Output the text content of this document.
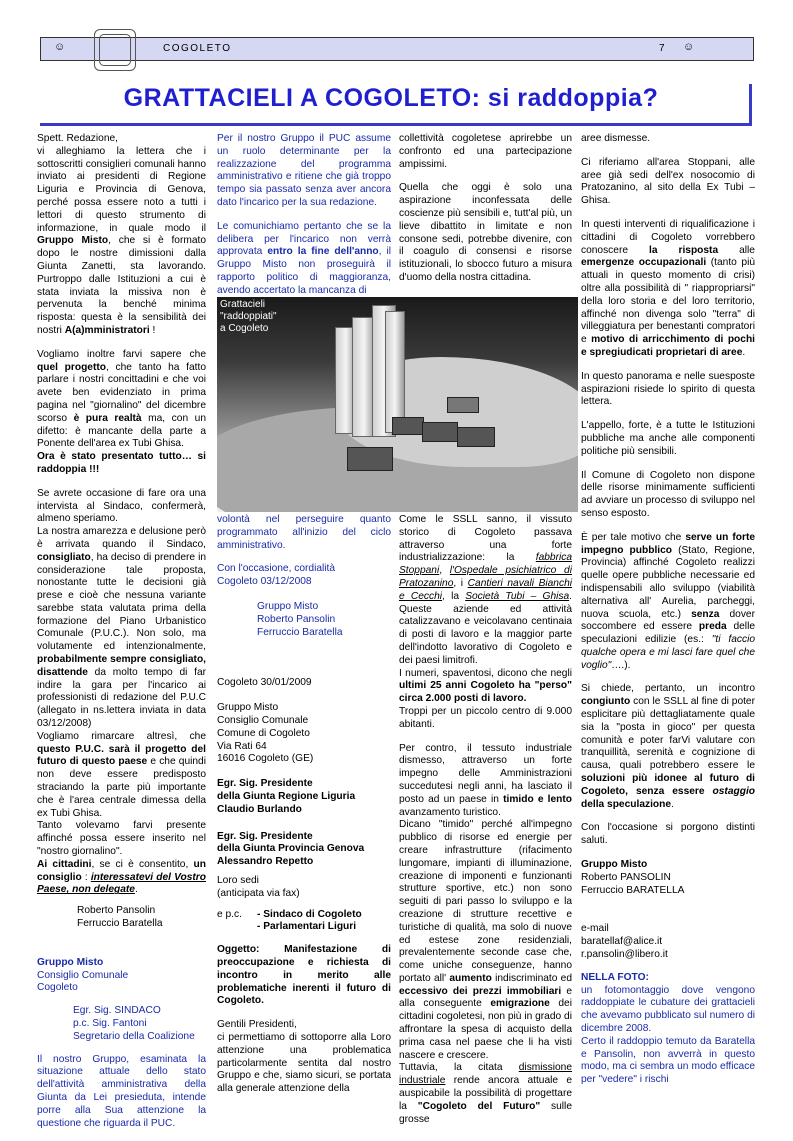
☺	COGOLETO	7 ☺
GRATTACIELI A COGOLETO: si raddoppia?

Spett. Redazione,
vi alleghiamo la lettera che i sottoscritti consiglieri comunali hanno inviato ai presidenti di Regione Liguria e Provincia di Genova, perché possa essere noto a tutti i lettori di questo strumento di informazione, in quale modo il Gruppo Misto, che si è formato dopo le nostre dimissioni dalla Giunta Zanetti, sta lavorando. Purtroppo dalle Istituzioni a cui è stata inviata la missiva non è pervenuta la benché minima risposta: questa è la sensibilità dei nostri A(a)mministratori !

Vogliamo inoltre farvi sapere che quel progetto, che tanto ha fatto parlare i nostri concittadini e che voi avete ben evidenziato in prima pagina nel "giornalino" del dicembre scorso è pura realtà ma, con un difetto: è mancante della parte a Ponente dell'area ex Tubi Ghisa.
Ora è stato presentato tutto… si raddoppia !!!

Se avrete occasione di fare ora una intervista al Sindaco, confermerà, almeno speriamo.
La nostra amarezza e delusione però è arrivata quando il Sindaco, consigliato, ha deciso di prendere in considerazione tale proposta, nonostante tutte le decisioni già prese e cioè che nessuna variante sarebbe stata valutata prima della formazione del Piano Urbanistico Comunale (P.U.C.). Non solo, ma volutamente ed intenzionalmente, probabilmente sempre consigliato, disattende da molto tempo di far indire la gara per l'incarico ai professionisti di redazione del P.U.C (allegato in ns.lettera inviata in data 03/12/2008)
Vogliamo rimarcare altresì, che questo P.U.C. sarà il progetto del futuro di questo paese e che quindi non deve essere predisposto straciando la parte più importante che è l'area centrale dimessa della ex Tubi Ghisa.
Tanto volevamo farvi presente affinché possa essere inserito nel "nostro giornalino".
Ai cittadini, se ci è consentito, un consiglio : interessatevi del Vostro Paese, non delegate.

Roberto Pansolin
Ferruccio Baratella
Gruppo Misto
Consiglio Comunale
Cogoleto
Egr. Sig. SINDACO
p.c. Sig. Fantoni
Segretario della Coalizione

Il nostro Gruppo, esaminata la situazione attuale dello stato dell'attività amministrativa della Giunta da Lei presieduta, intende porre alla Sua attenzione la questione che riguarda il PUC.

Per il nostro Gruppo il PUC assume un ruolo determinante per la realizzazione del programma amministrativo e ritiene che già troppo tempo sia passato senza aver ancora dato l'incarico per la sua redazione.

Le comunichiamo pertanto che se la delibera per l'incarico non verrà approvata entro la fine dell'anno, il Gruppo Misto non proseguirà il rapporto politico di maggioranza, avendo accertato la mancanza di

Grattacieli
"raddoppiati"
a Cogoleto

volontà nel perseguire quanto programmato all'inizio del ciclo amministrativo.

Con l'occasione, cordialità
Cogoleto 03/12/2008
Gruppo Misto
Roberto Pansolin
Ferruccio Baratella
Cogoleto 30/01/2009
Gruppo Misto
Consiglio Comunale
Comune di Cogoleto
Via Rati 64
16016 Cogoleto (GE)
Egr. Sig. Presidente
della Giunta Regione Liguria
Claudio Burlando
Egr. Sig. Presidente
della Giunta Provincia Genova
Alessandro Repetto
Loro sedi
(anticipata via fax)
e p.c. - Sindaco di Cogoleto
- Parlamentari Liguri

Oggetto: Manifestazione di preoccupazione e richiesta di incontro in merito alle problematiche inerenti il futuro di Cogoleto.

Gentili Presidenti,
ci permettiamo di sottoporre alla Loro attenzione una problematica particolarmente sentita dal nostro Gruppo e che, siamo sicuri, se portata alla generale attenzione della

collettività cogoletese aprirebbe un confronto ed una partecipazione ampissimi.

Quella che oggi è solo una aspirazione inconfessata delle coscienze più sensibili e, tutt'al più, un lieve dibattito in limitate e non consone sedi, potrebbe divenire, con il coagulo di consensi e risorse istituzionali, lo sbocco futuro a misura d'uomo della nostra cittadina.

Come le SSLL sanno, il vissuto storico di Cogoleto passava attraverso una forte industrializzazione: la fabbrica Stoppani, l'Ospedale psichiatrico di Pratozanino, i Cantieri navali Bianchi e Cecchi, la Società Tubi – Ghisa. Queste aziende ed attività catalizzavano e veicolavano centinaia di posti di lavoro e la maggior parte dell'indotto lavorativo di Cogoleto e dei paesi limitrofi.
I numeri, spaventosi, dicono che negli ultimi 25 anni Cogoleto ha "perso" circa 2.000 posti di lavoro.
Troppi per un piccolo centro di 9.000 abitanti.

Per contro, il tessuto industriale dismesso, attraverso un forte impegno delle Amministrazioni succedutesi negli anni, ha lasciato il posto ad un paese in timido e lento avanzamento turistico.
Dicano "timido" perché all'impegno pubblico di risorse ed energie per creare infrastrutture (rifacimento lungomare, impianti di illuminazione, creazione di imponenti e funzionanti strutture sportive, etc.) non sono seguiti di pari passo lo sviluppo e la creazione di strutture recettive e turistiche di qualità, ma solo di nuove ed estese zone residenziali, prevalentemente seconde case che, come uniche conseguenze, hanno portato all' aumento indiscriminato ed eccessivo dei prezzi immobiliari e alla conseguente emigrazione dei cittadini cogoletesi, non più in grado di affrontare la spesa di acquisto della prima casa nel paese che li ha visti nascere e crescere.
Tuttavia, la citata dismissione industriale rende ancora attuale e auspicabile la possibilità di progettare la "Cogoleto del Futuro" sulle grosse

aree dismesse.

Ci riferiamo all'area Stoppani, alle aree già sedi dell'ex nosocomio di Pratozanino, al sito della Ex Tubi – Ghisa.

In questi interventi di riqualificazione i cittadini di Cogoleto vorrebbero conoscere la risposta alle emergenze occupazionali (tanto più attuali in questo momento di crisi) oltre alla possibilità di " riappropriarsi" della loro storia e del loro territorio, affinché non divenga solo "terra" di villeggiatura per benestanti compratori e motivo di arricchimento di pochi e spregiudicati proprietari di aree.

In questo panorama e nelle suesposte aspirazioni risiede lo spirito di questa lettera.

L'appello, forte, è a tutte le Istituzioni pubbliche ma anche alle componenti politiche più sensibili.

Il Comune di Cogoleto non dispone delle risorse minimamente sufficienti ad avviare un processo di sviluppo nel senso esposto.

È per tale motivo che serve un forte impegno pubblico (Stato, Regione, Provincia) affinché Cogoleto realizzi quelle opere pubbliche necessarie ed indispensabili allo sviluppo (viabilità alternativa all' Aurelia, parcheggi, nuova scuola, etc.) senza dover soccombere ed essere preda delle speculazioni edilizie (es.: "ti faccio qualche opera e mi lasci fare quel che voglio"….).

Si chiede, pertanto, un incontro congiunto con le SSLL al fine di poter esplicitare più dettagliatamente quale sia la "posta in gioco" per questa comunità e poter farVi valutare con tranquillità, serenità e cognizione di causa, quali potrebbero essere le soluzioni più idonee al futuro di Cogoleto, senza essere ostaggio della speculazione.

Con l'occasione si porgono distinti saluti.

Gruppo Misto
Roberto PANSOLIN
Ferruccio BARATELLA
e-mail
baratellaf@alice.it
r.pansolin@libero.it
NELLA FOTO:
un fotomontaggio dove vengono raddoppiate le cubature dei grattacieli che avevamo pubblicato sul numero di dicembre 2008.
Certo il raddoppio temuto da Baratella e Pansolin, non avverrà in questo modo, ma ci sembra un modo efficace per "vedere" i rischi
